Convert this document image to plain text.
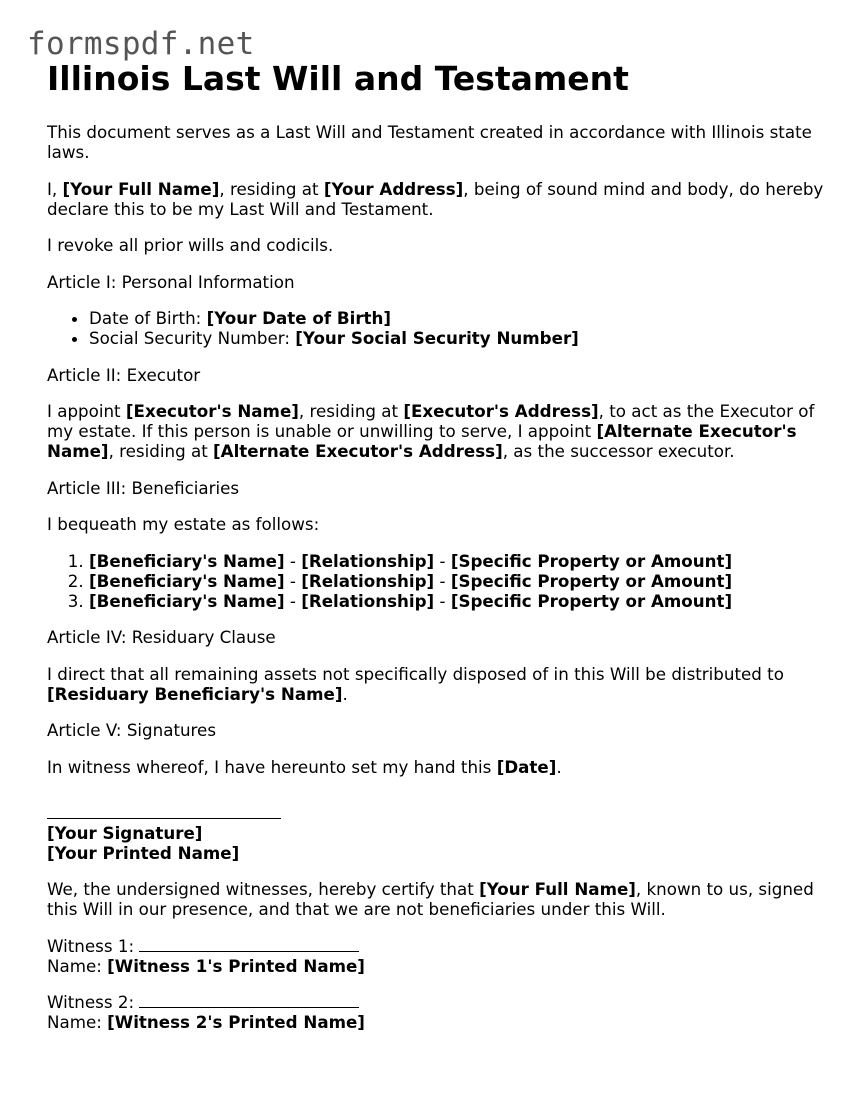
formspdf.net
Illinois Last Will and Testament

This document serves as a Last Will and Testament created in accordance with Illinois state laws.

I, [Your Full Name], residing at [Your Address], being of sound mind and body, do hereby declare this to be my Last Will and Testament.

I revoke all prior wills and codicils.

Article I: Personal Information

• Date of Birth: [Your Date of Birth]
• Social Security Number: [Your Social Security Number]

Article II: Executor

I appoint [Executor's Name], residing at [Executor's Address], to act as the Executor of my estate. If this person is unable or unwilling to serve, I appoint [Alternate Executor's Name], residing at [Alternate Executor's Address], as the successor executor.

Article III: Beneficiaries

I bequeath my estate as follows:

1. [Beneficiary's Name] - [Relationship] - [Specific Property or Amount]
2. [Beneficiary's Name] - [Relationship] - [Specific Property or Amount]
3. [Beneficiary's Name] - [Relationship] - [Specific Property or Amount]

Article IV: Residuary Clause

I direct that all remaining assets not specifically disposed of in this Will be distributed to [Residuary Beneficiary's Name].

Article V: Signatures

In witness whereof, I have hereunto set my hand this [Date].

[Your Signature]
[Your Printed Name]

We, the undersigned witnesses, hereby certify that [Your Full Name], known to us, signed this Will in our presence, and that we are not beneficiaries under this Will.

Witness 1:
Name: [Witness 1's Printed Name]

Witness 2:
Name: [Witness 2's Printed Name]
